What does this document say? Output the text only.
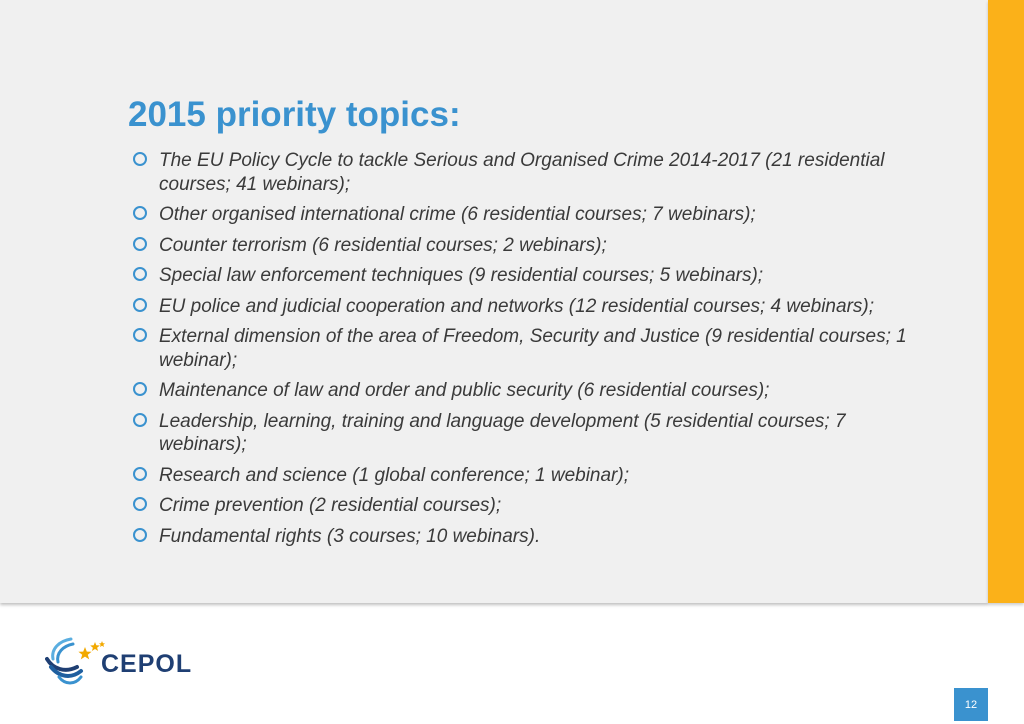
2015 priority topics:
The EU Policy Cycle to tackle Serious and Organised Crime 2014-2017 (21 residential courses; 41 webinars);
Other organised international crime (6 residential courses; 7 webinars);
Counter terrorism (6 residential courses; 2 webinars);
Special law enforcement techniques (9 residential courses; 5 webinars);
EU police and judicial cooperation and networks (12 residential courses; 4 webinars);
External dimension of the area of Freedom, Security and Justice (9 residential courses; 1 webinar);
Maintenance of law and order and public security (6 residential courses);
Leadership, learning, training and language development (5 residential courses; 7 webinars);
Research and science (1 global conference; 1 webinar);
Crime prevention (2 residential courses);
Fundamental rights (3 courses; 10 webinars).
CEPOL
12
